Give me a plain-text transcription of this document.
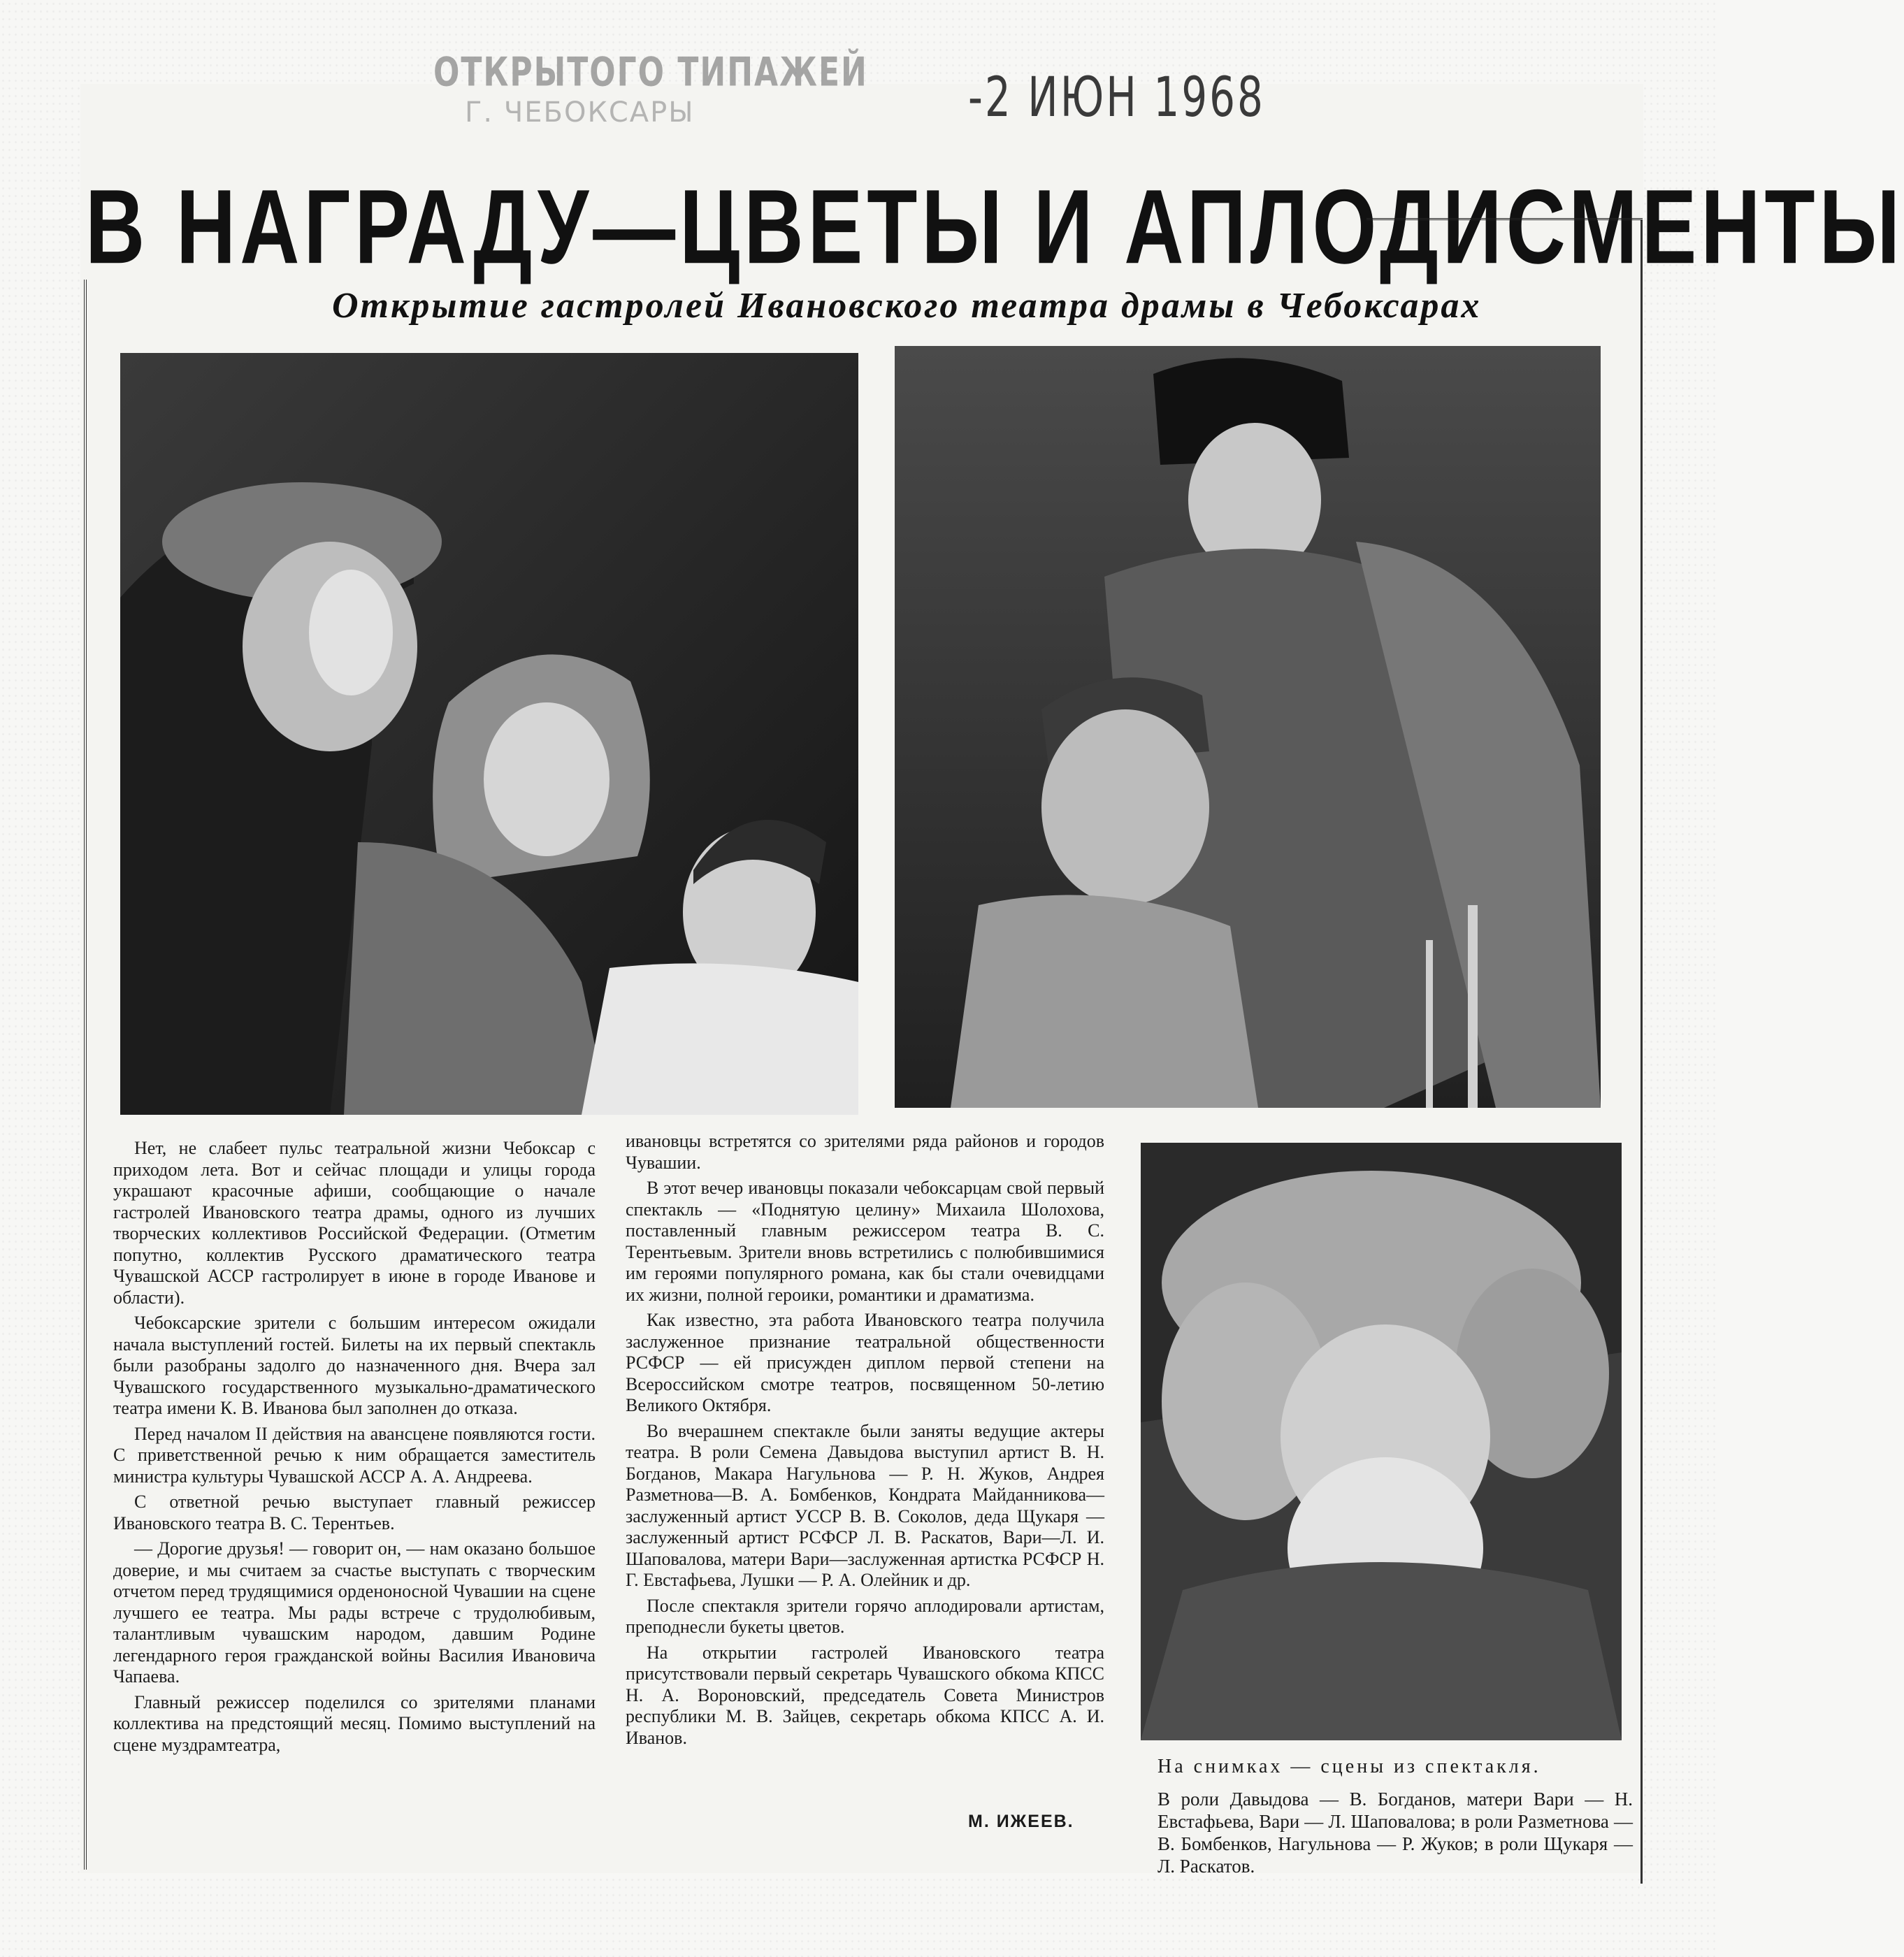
ОТКРЫТОГО ТИПАЖЕЙ
Г. ЧЕБОКСАРЫ	-2 ИЮН 1968
В НАГРАДУ—ЦВЕТЫ И АПЛОДИСМЕНТЫ
Открытие гастролей Ивановского театра драмы в Чебоксарах

Нет, не слабеет пульс театральной жизни Чебоксар с приходом лета. Вот и сейчас площади и улицы города украшают красочные афиши, сообщающие о начале гастролей Ивановского театра драмы, одного из лучших творческих коллективов Российской Федерации. (Отметим попутно, коллектив Русского драматического театра Чувашской АССР гастролирует в июне в городе Иванове и области).

Чебоксарские зрители с большим интересом ожидали начала выступлений гостей. Билеты на их первый спектакль были разобраны задолго до назначенного дня. Вчера зал Чувашского государственного музыкально-драматического театра имени К. В. Иванова был заполнен до отказа.

Перед началом II действия на авансцене появляются гости. С приветственной речью к ним обращается заместитель министра культуры Чувашской АССР А. А. Андреева.

С ответной речью выступает главный режиссер Ивановского театра В. С. Терентьев.

— Дорогие друзья! — говорит он, — нам оказано большое доверие, и мы считаем за счастье выступать с творческим отчетом перед трудящимися орденоносной Чувашии на сцене лучшего ее театра. Мы рады встрече с трудолюбивым, талантливым чувашским народом, давшим Родине легендарного героя гражданской войны Василия Ивановича Чапаева.

Главный режиссер поделился со зрителями планами коллектива на предстоящий месяц. Помимо выступлений на сцене муздрамтеатра,

ивановцы встретятся со зрителями ряда районов и городов Чувашии.

В этот вечер ивановцы показали чебоксарцам свой первый спектакль — «Поднятую целину» Михаила Шолохова, поставленный главным режиссером театра В. С. Терентьевым. Зрители вновь встретились с полюбившимися им героями популярного романа, как бы стали очевидцами их жизни, полной героики, романтики и драматизма.

Как известно, эта работа Ивановского театра получила заслуженное признание театральной общественности РСФСР — ей присужден диплом первой степени на Всероссийском смотре театров, посвященном 50-летию Великого Октября.

Во вчерашнем спектакле были заняты ведущие актеры театра. В роли Семена Давыдова выступил артист В. Н. Богданов, Макара Нагульнова — Р. Н. Жуков, Андрея Разметнова—В. А. Бомбенков, Кондрата Майданникова—заслуженный артист УССР В. В. Соколов, деда Щукаря — заслуженный артист РСФСР Л. В. Раскатов, Вари—Л. И. Шаповалова, матери Вари—заслуженная артистка РСФСР Н. Г. Евстафьева, Лушки — Р. А. Олейник и др.

После спектакля зрители горячо аплодировали артистам, преподнесли букеты цветов.

На открытии гастролей Ивановского театра присутствовали первый секретарь Чувашского обкома КПСС Н. А. Вороновский, председатель Совета Министров республики М. В. Зайцев, секретарь обкома КПСС А. И. Иванов.

М. ИЖЕЕВ.
На снимках — сцены из спектакля.
В роли Давыдова — В. Богданов, матери Вари — Н. Евстафьева, Вари — Л. Шаповалова; в роли Разметнова — В. Бомбенков, Нагульнова — Р. Жуков; в роли Щукаря — Л. Раскатов.
